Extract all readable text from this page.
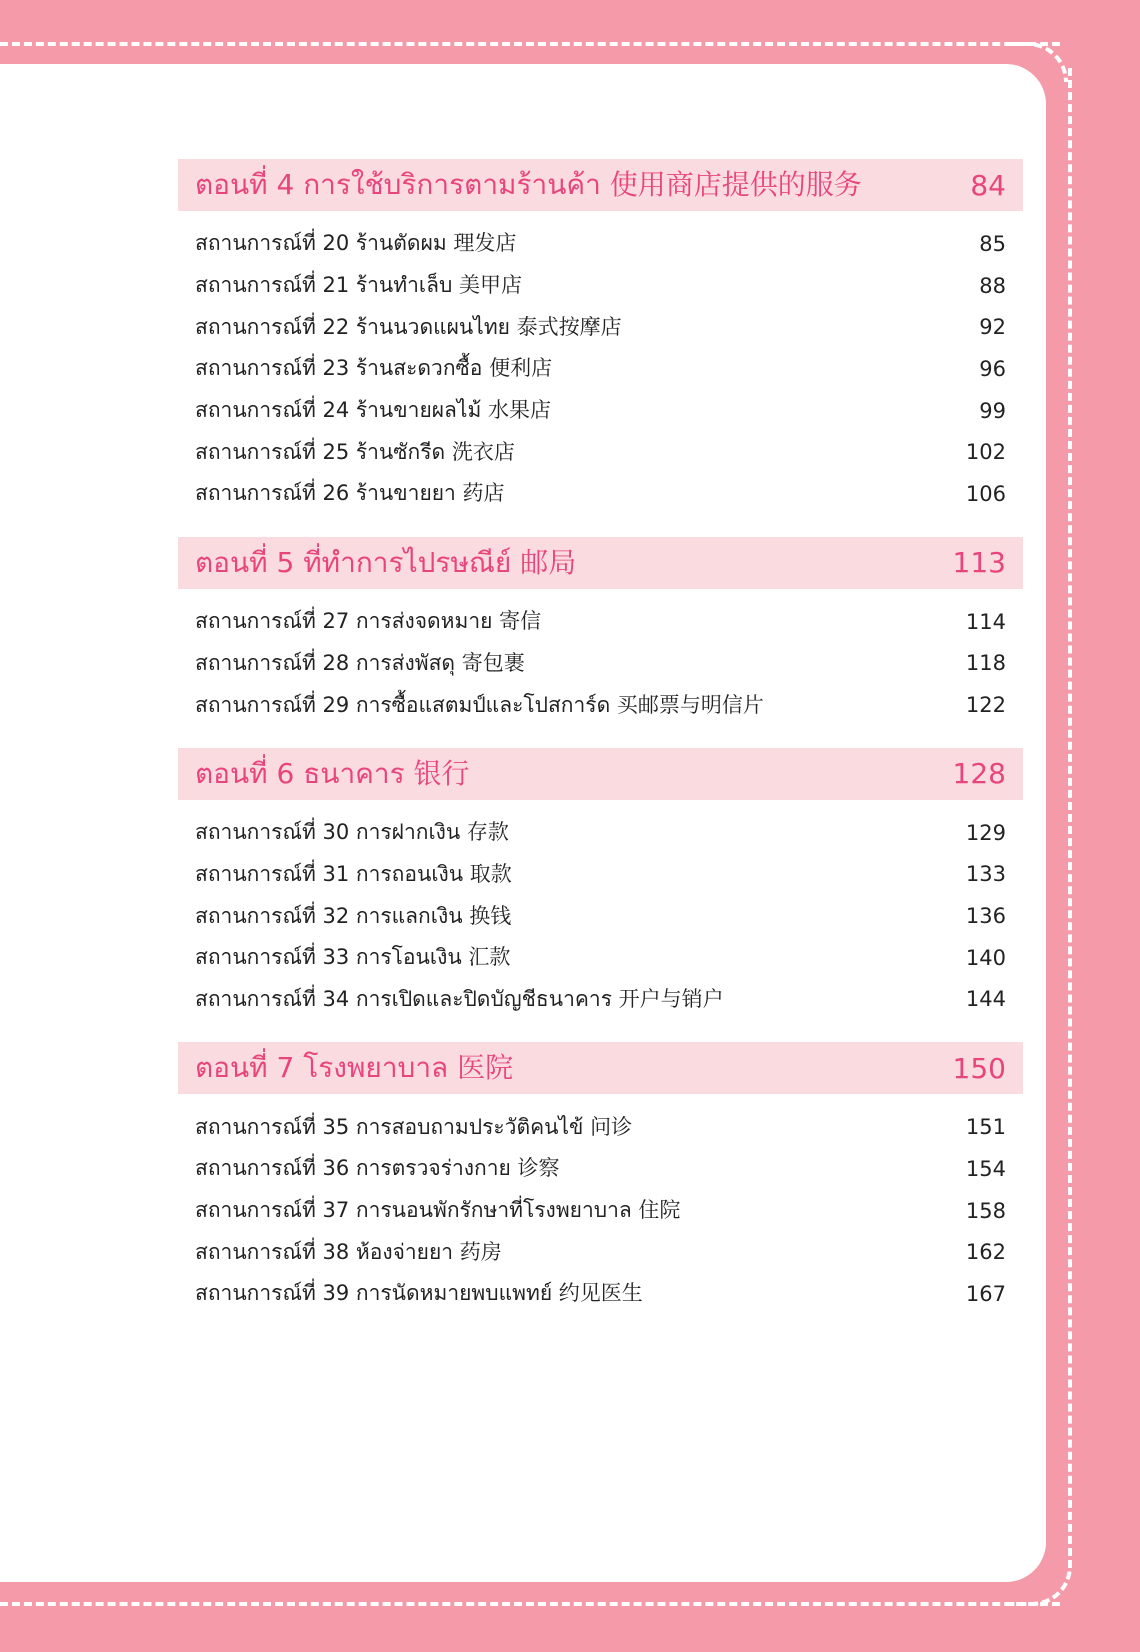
ตอนที่ 4 การใช้บริการตามร้านค้า 使用商店提供的服务	84
สถานการณ์ที่ 20 ร้านตัดผม 理发店	85
สถานการณ์ที่ 21 ร้านทำเล็บ 美甲店	88
สถานการณ์ที่ 22 ร้านนวดแผนไทย 泰式按摩店	92
สถานการณ์ที่ 23 ร้านสะดวกซื้อ 便利店	96
สถานการณ์ที่ 24 ร้านขายผลไม้ 水果店	99
สถานการณ์ที่ 25 ร้านซักรีด 洗衣店	102
สถานการณ์ที่ 26 ร้านขายยา 药店	106
ตอนที่ 5 ที่ทำการไปรษณีย์ 邮局	113
สถานการณ์ที่ 27 การส่งจดหมาย 寄信	114
สถานการณ์ที่ 28 การส่งพัสดุ 寄包裹	118
สถานการณ์ที่ 29 การซื้อแสตมป์และโปสการ์ด 买邮票与明信片	122
ตอนที่ 6 ธนาคาร 银行	128
สถานการณ์ที่ 30 การฝากเงิน 存款	129
สถานการณ์ที่ 31 การถอนเงิน 取款	133
สถานการณ์ที่ 32 การแลกเงิน 换钱	136
สถานการณ์ที่ 33 การโอนเงิน 汇款	140
สถานการณ์ที่ 34 การเปิดและปิดบัญชีธนาคาร 开户与销户	144
ตอนที่ 7 โรงพยาบาล 医院	150
สถานการณ์ที่ 35 การสอบถามประวัติคนไข้ 问诊	151
สถานการณ์ที่ 36 การตรวจร่างกาย 诊察	154
สถานการณ์ที่ 37 การนอนพักรักษาที่โรงพยาบาล 住院	158
สถานการณ์ที่ 38 ห้องจ่ายยา 药房	162
สถานการณ์ที่ 39 การนัดหมายพบแพทย์ 约见医生	167
